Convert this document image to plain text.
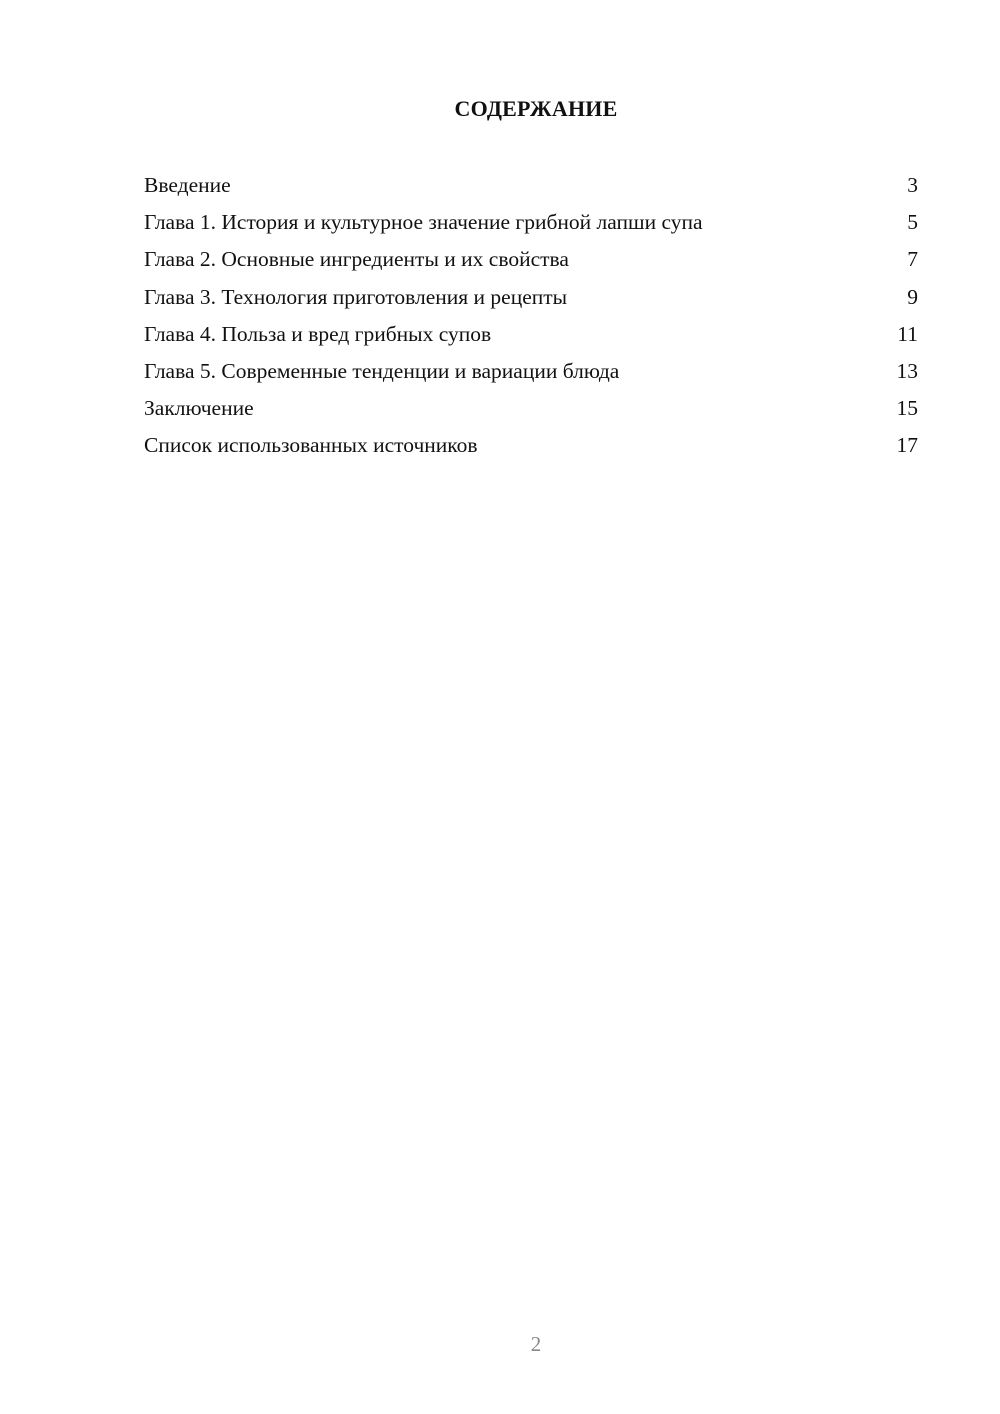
СОДЕРЖАНИЕ
Введение	3
Глава 1. История и культурное значение грибной лапши супа	5
Глава 2. Основные ингредиенты и их свойства	7
Глава 3. Технология приготовления и рецепты	9
Глава 4. Польза и вред грибных супов	11
Глава 5. Современные тенденции и вариации блюда	13
Заключение	15
Список использованных источников	17
2
